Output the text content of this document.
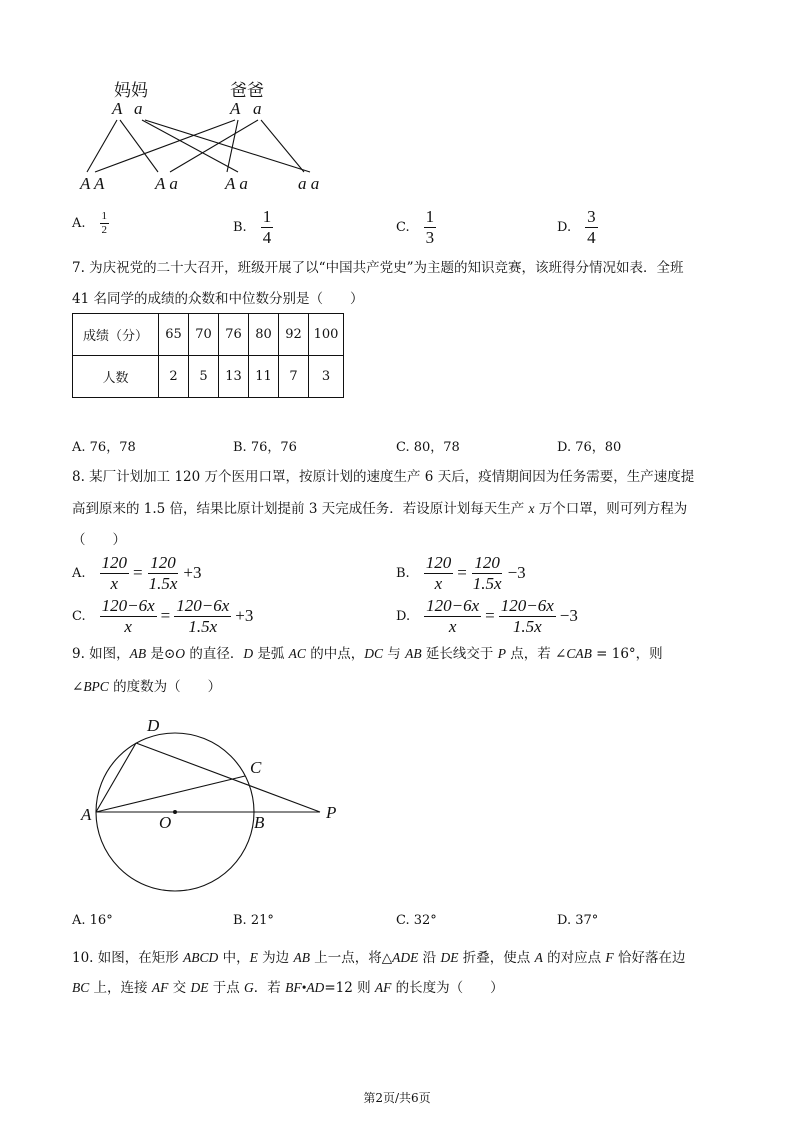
妈妈	爸爸
A a	A a
A A	A a	A a	a a
A. $\frac{1}{2}$	B. $\frac{1}{4}$	C. $\frac{1}{3}$	D. $\frac{3}{4}$
7. 为庆祝党的二十大召开，班级开展了以“中国共产党史”为主题的知识竞赛，该班得分情况如表．全班
41 名同学的成绩的众数和中位数分别是（　　）
成绩（分）	65	70	76	80	92	100
人数	2	5	13	11	7	3
A. 76，78	B. 76，76	C. 80，78	D. 76，80
8. 某厂计划加工 120 万个医用口罩，按原计划的速度生产 6 天后，疫情期间因为任务需要，生产速度提
高到原来的 1.5 倍，结果比原计划提前 3 天完成任务．若设原计划每天生产 x 万个口罩，则可列方程为
（　　）
A. $\frac{120}{x} = \frac{120}{1.5x} +3$	B. $\frac{120}{x} = \frac{120}{1.5x} -3$
C. $\frac{120-6x}{x} = \frac{120-6x}{1.5x} +3$	D. $\frac{120-6x}{x} = \frac{120-6x}{1.5x} -3$
9. 如图，AB 是⊙O 的直径．D 是弧 AC 的中点，DC 与 AB 延长线交于 P 点，若 ∠CAB = 16°，则
∠BPC 的度数为（　　）
D
C
A	O	B
P
A. 16°	B. 21°	C. 32°	D. 37°
10. 如图，在矩形 ABCD 中，E 为边 AB 上一点，将△ADE 沿 DE 折叠，使点 A 的对应点 F 恰好落在边
BC 上，连接 AF 交 DE 于点 G．若 BF•AD=12 则 AF 的长度为（　　）
第2页/共6页
